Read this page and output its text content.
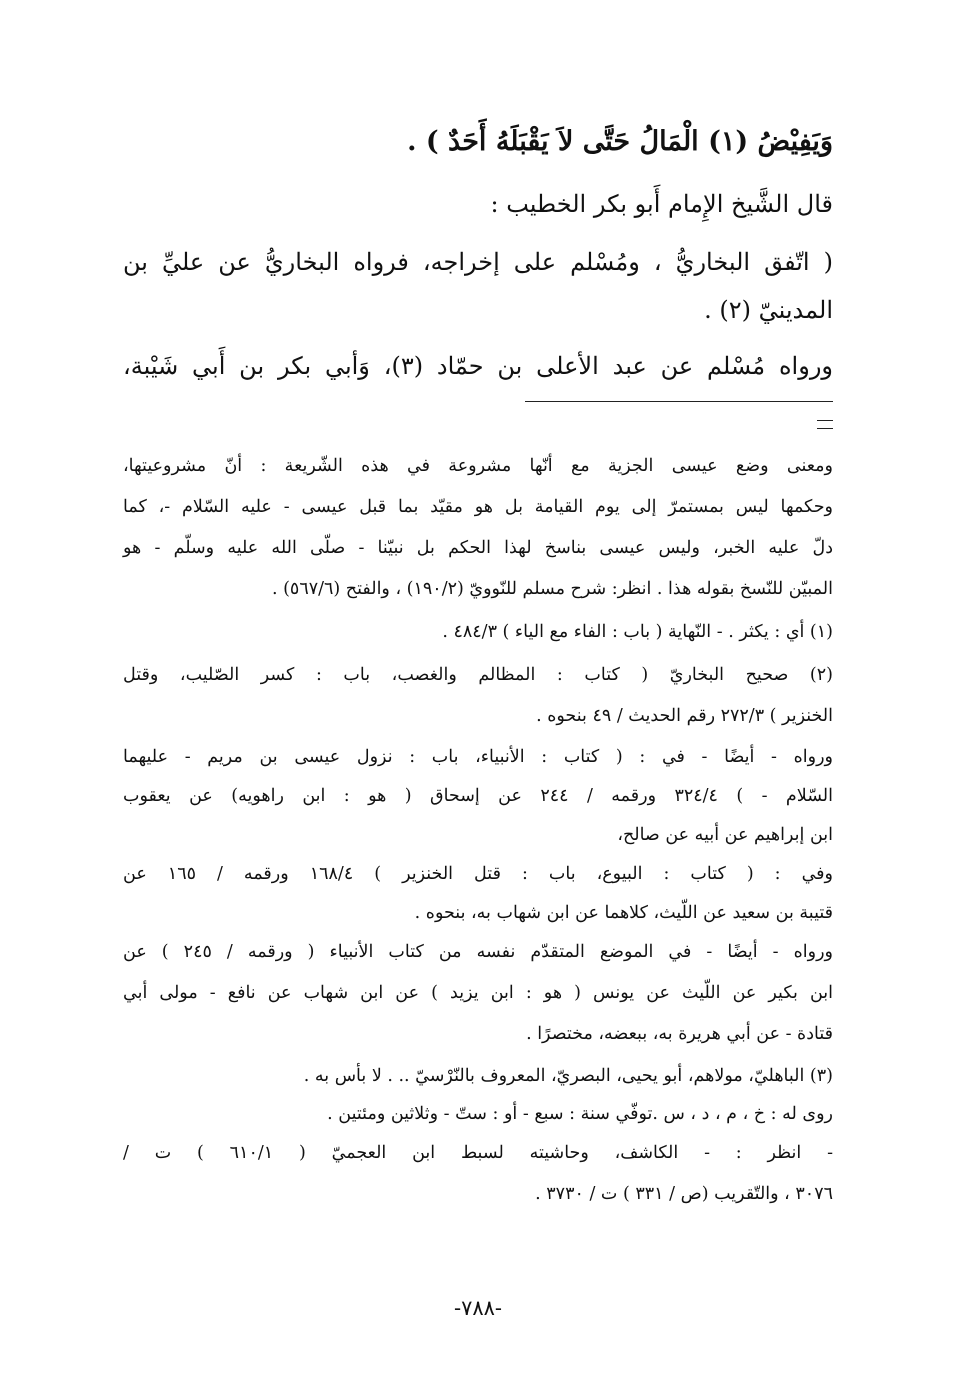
وَيَفِيْضُ (١) الْمَالُ حَتَّى لاَ يَقْبَلَهُ أَحَدٌ ) .

قال الشَّيخ الإِمام أَبو بكر الخطيب :

( اتّفق البخاريُّ ، ومُسْلم على إخراجه، فرواه البخاريُّ عن عليِّ بن

المدينيّ (٢) .

ورواه مُسْلم عن عبد الأعلى بن حمّاد (٣)، وَأبي بكر بن أَبي شَيْبة،

ومعنى وضع عيسى الجزية مع أنّها مشروعة في هذه الشّريعة : أنّ مشروعيتها،

وحكمها ليس بمستمرّ إلى يوم القيامة بل هو مقيّد بما قبل عيسى - عليه السّلام -، كما

دلّ عليه الخبر، وليس عيسى بناسخ لهذا الحكم بل نبيّنا - صلّى الله عليه وسلّم - هو

المبيّن للنّسخ بقوله هذا . انظر: شرح مسلم للنّوويّ (١٩٠/٢) ، والفتح (٥٦٧/٦) .

(١) أي : يكثر . - النّهاية ( باب : الفاء مع الياء ) ٤٨٤/٣ .

(٢) صحيح البخاريّ ( كتاب : المظالم والغصب، باب : كسر الصّليب، وقتل

الخنزير ) ٢٧٢/٣ رقم الحديث / ٤٩ بنحوه .

ورواه - أيضًا - في : ( كتاب : الأنبياء، باب : نزول عيسى بن مريم - عليهما

السّلام - ) ٣٢٤/٤ ورقمه / ٢٤٤ عن إسحاق ( هو : ابن راهويه) عن يعقوب

ابن إبراهيم عن أبيه عن صالح،

وفي : ( كتاب : البيوع، باب : قتل الخنزير ) ١٦٨/٤ ورقمه / ١٦٥ عن

قتيبة بن سعيد عن اللّيث، كلاهما عن ابن شهاب به، بنحوه .

ورواه - أيضًا - في الموضع المتقدّم نفسه من كتاب الأنبياء ( ورقمه / ٢٤٥ ) عن

ابن بكير عن اللّيث عن يونس ( هو : ابن يزيد ) عن ابن شهاب عن نافع - مولى أبي

قتادة - عن أبي هريرة به، ببعضه، مختصرًا .

(٣) الباهليّ، مولاهم، أبو يحيى، البصريّ، المعروف بالنّرْسيّ .. . لا بأس به .

روى له : خ ، م ، د ، س .توفّي سنة : سبع - أو : ستّ - وثلاثين ومئتين .

- انظر : - الكاشف، وحاشيته لسبط ابن العجميّ ( ٦١٠/١ ) ت /

٣٠٧٦ ، والتّقريب (ص / ٣٣١ ) ت / ٣٧٣٠ .

-٧٨٨-
